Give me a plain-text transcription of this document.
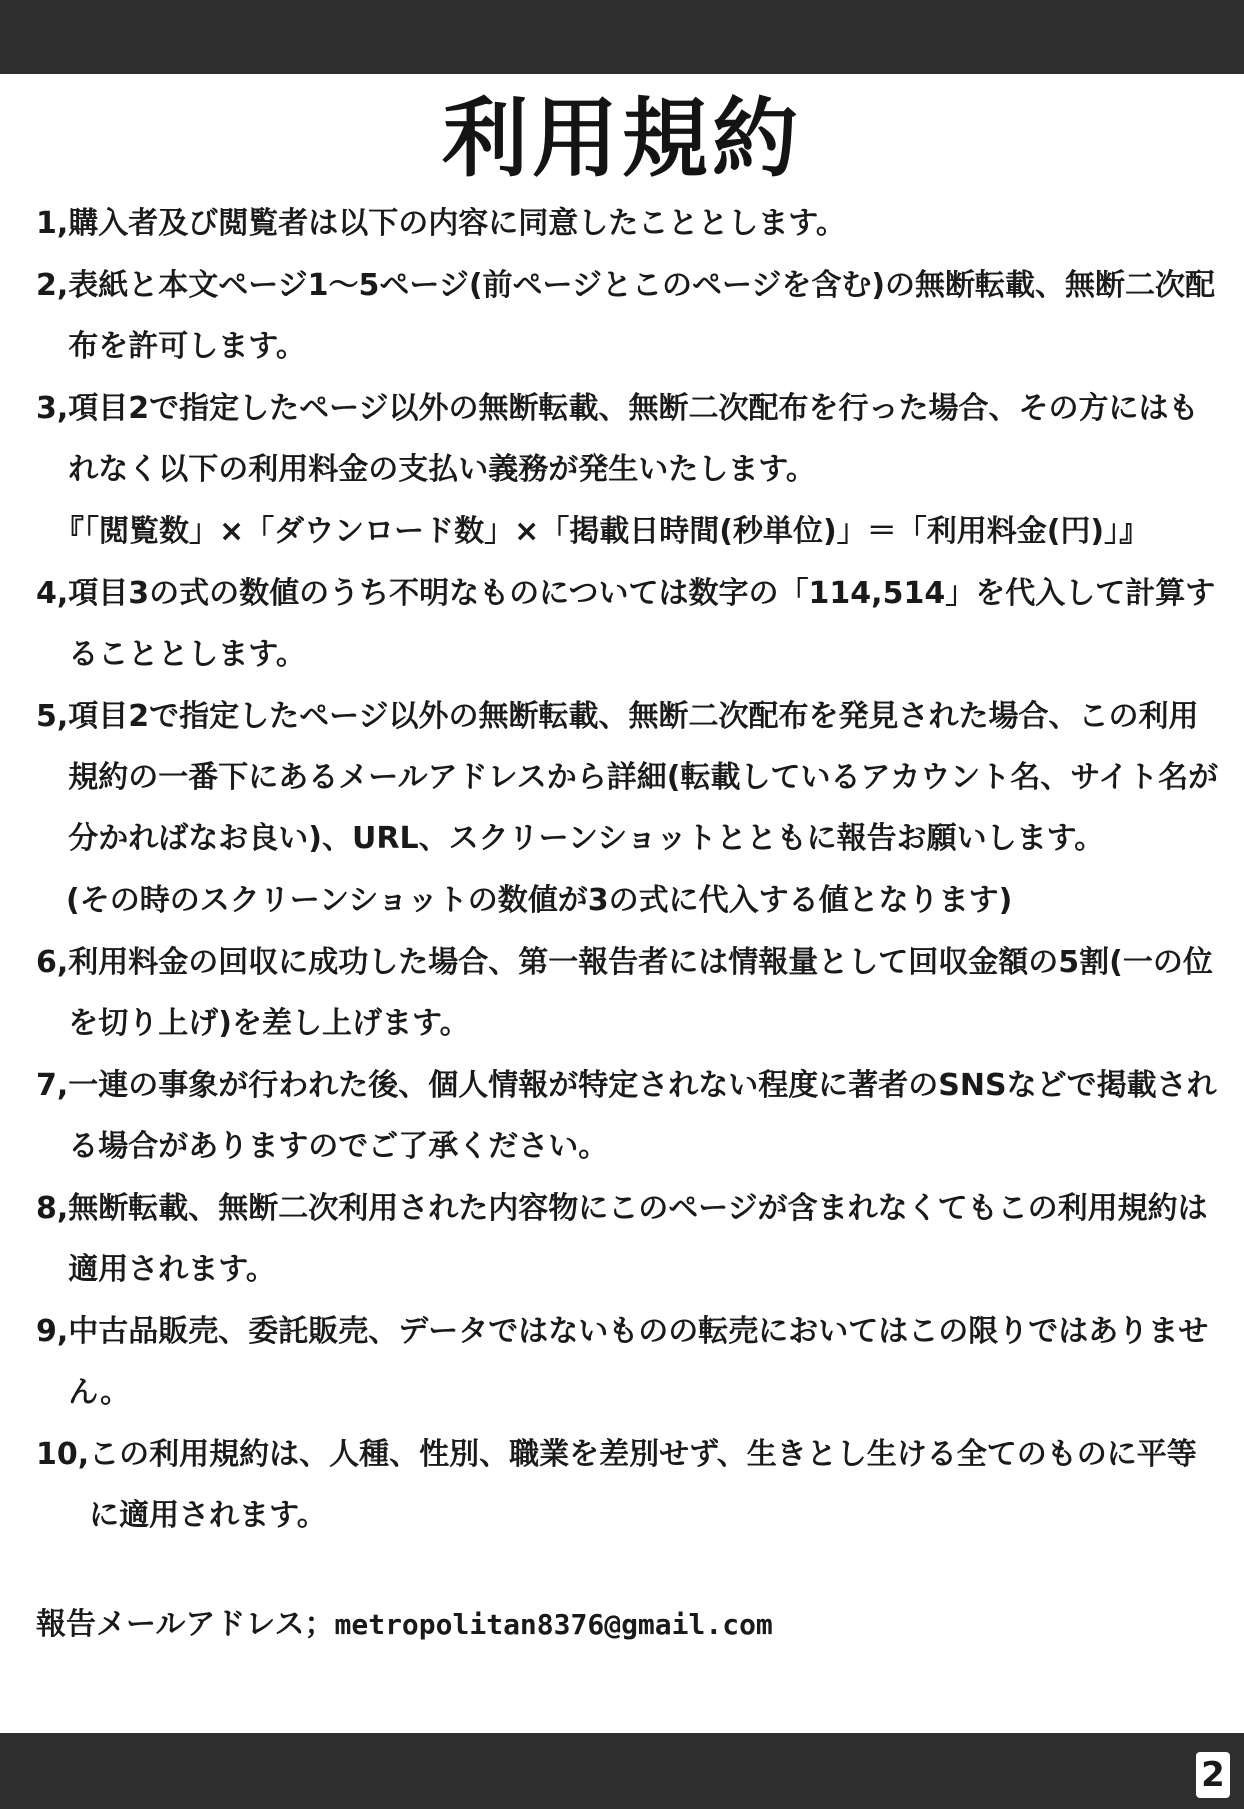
利用規約
1, 購入者及び閲覧者は以下の内容に同意したこととします。
2, 表紙と本文ページ1～5ページ(前ページとこのページを含む)の無断転載、無断二次配布を許可します。
3, 項目2で指定したページ以外の無断転載、無断二次配布を行った場合、その方にはもれなく以下の利用料金の支払い義務が発生いたします。
『「閲覧数」×「ダウンロード数」×「掲載日時間(秒単位)」＝「利用料金(円)」』
4, 項目3の式の数値のうち不明なものについては数字の「114,514」を代入して計算することとします。
5, 項目2で指定したページ以外の無断転載、無断二次配布を発見された場合、この利用規約の一番下にあるメールアドレスから詳細(転載しているアカウント名、サイト名が分かればなお良い)、URL、スクリーンショットとともに報告お願いします。
(その時のスクリーンショットの数値が3の式に代入する値となります)
6, 利用料金の回収に成功した場合、第一報告者には情報量として回収金額の5割(一の位を切り上げ)を差し上げます。
7, 一連の事象が行われた後、個人情報が特定されない程度に著者のSNSなどで掲載される場合がありますのでご了承ください。
8, 無断転載、無断二次利用された内容物にこのページが含まれなくてもこの利用規約は適用されます。
9, 中古品販売、委託販売、データではないものの転売においてはこの限りではありません。
10, この利用規約は、人種、性別、職業を差別せず、生きとし生ける全てのものに平等に適用されます。
報告メールアドレス；metropolitan8376@gmail.com
2
